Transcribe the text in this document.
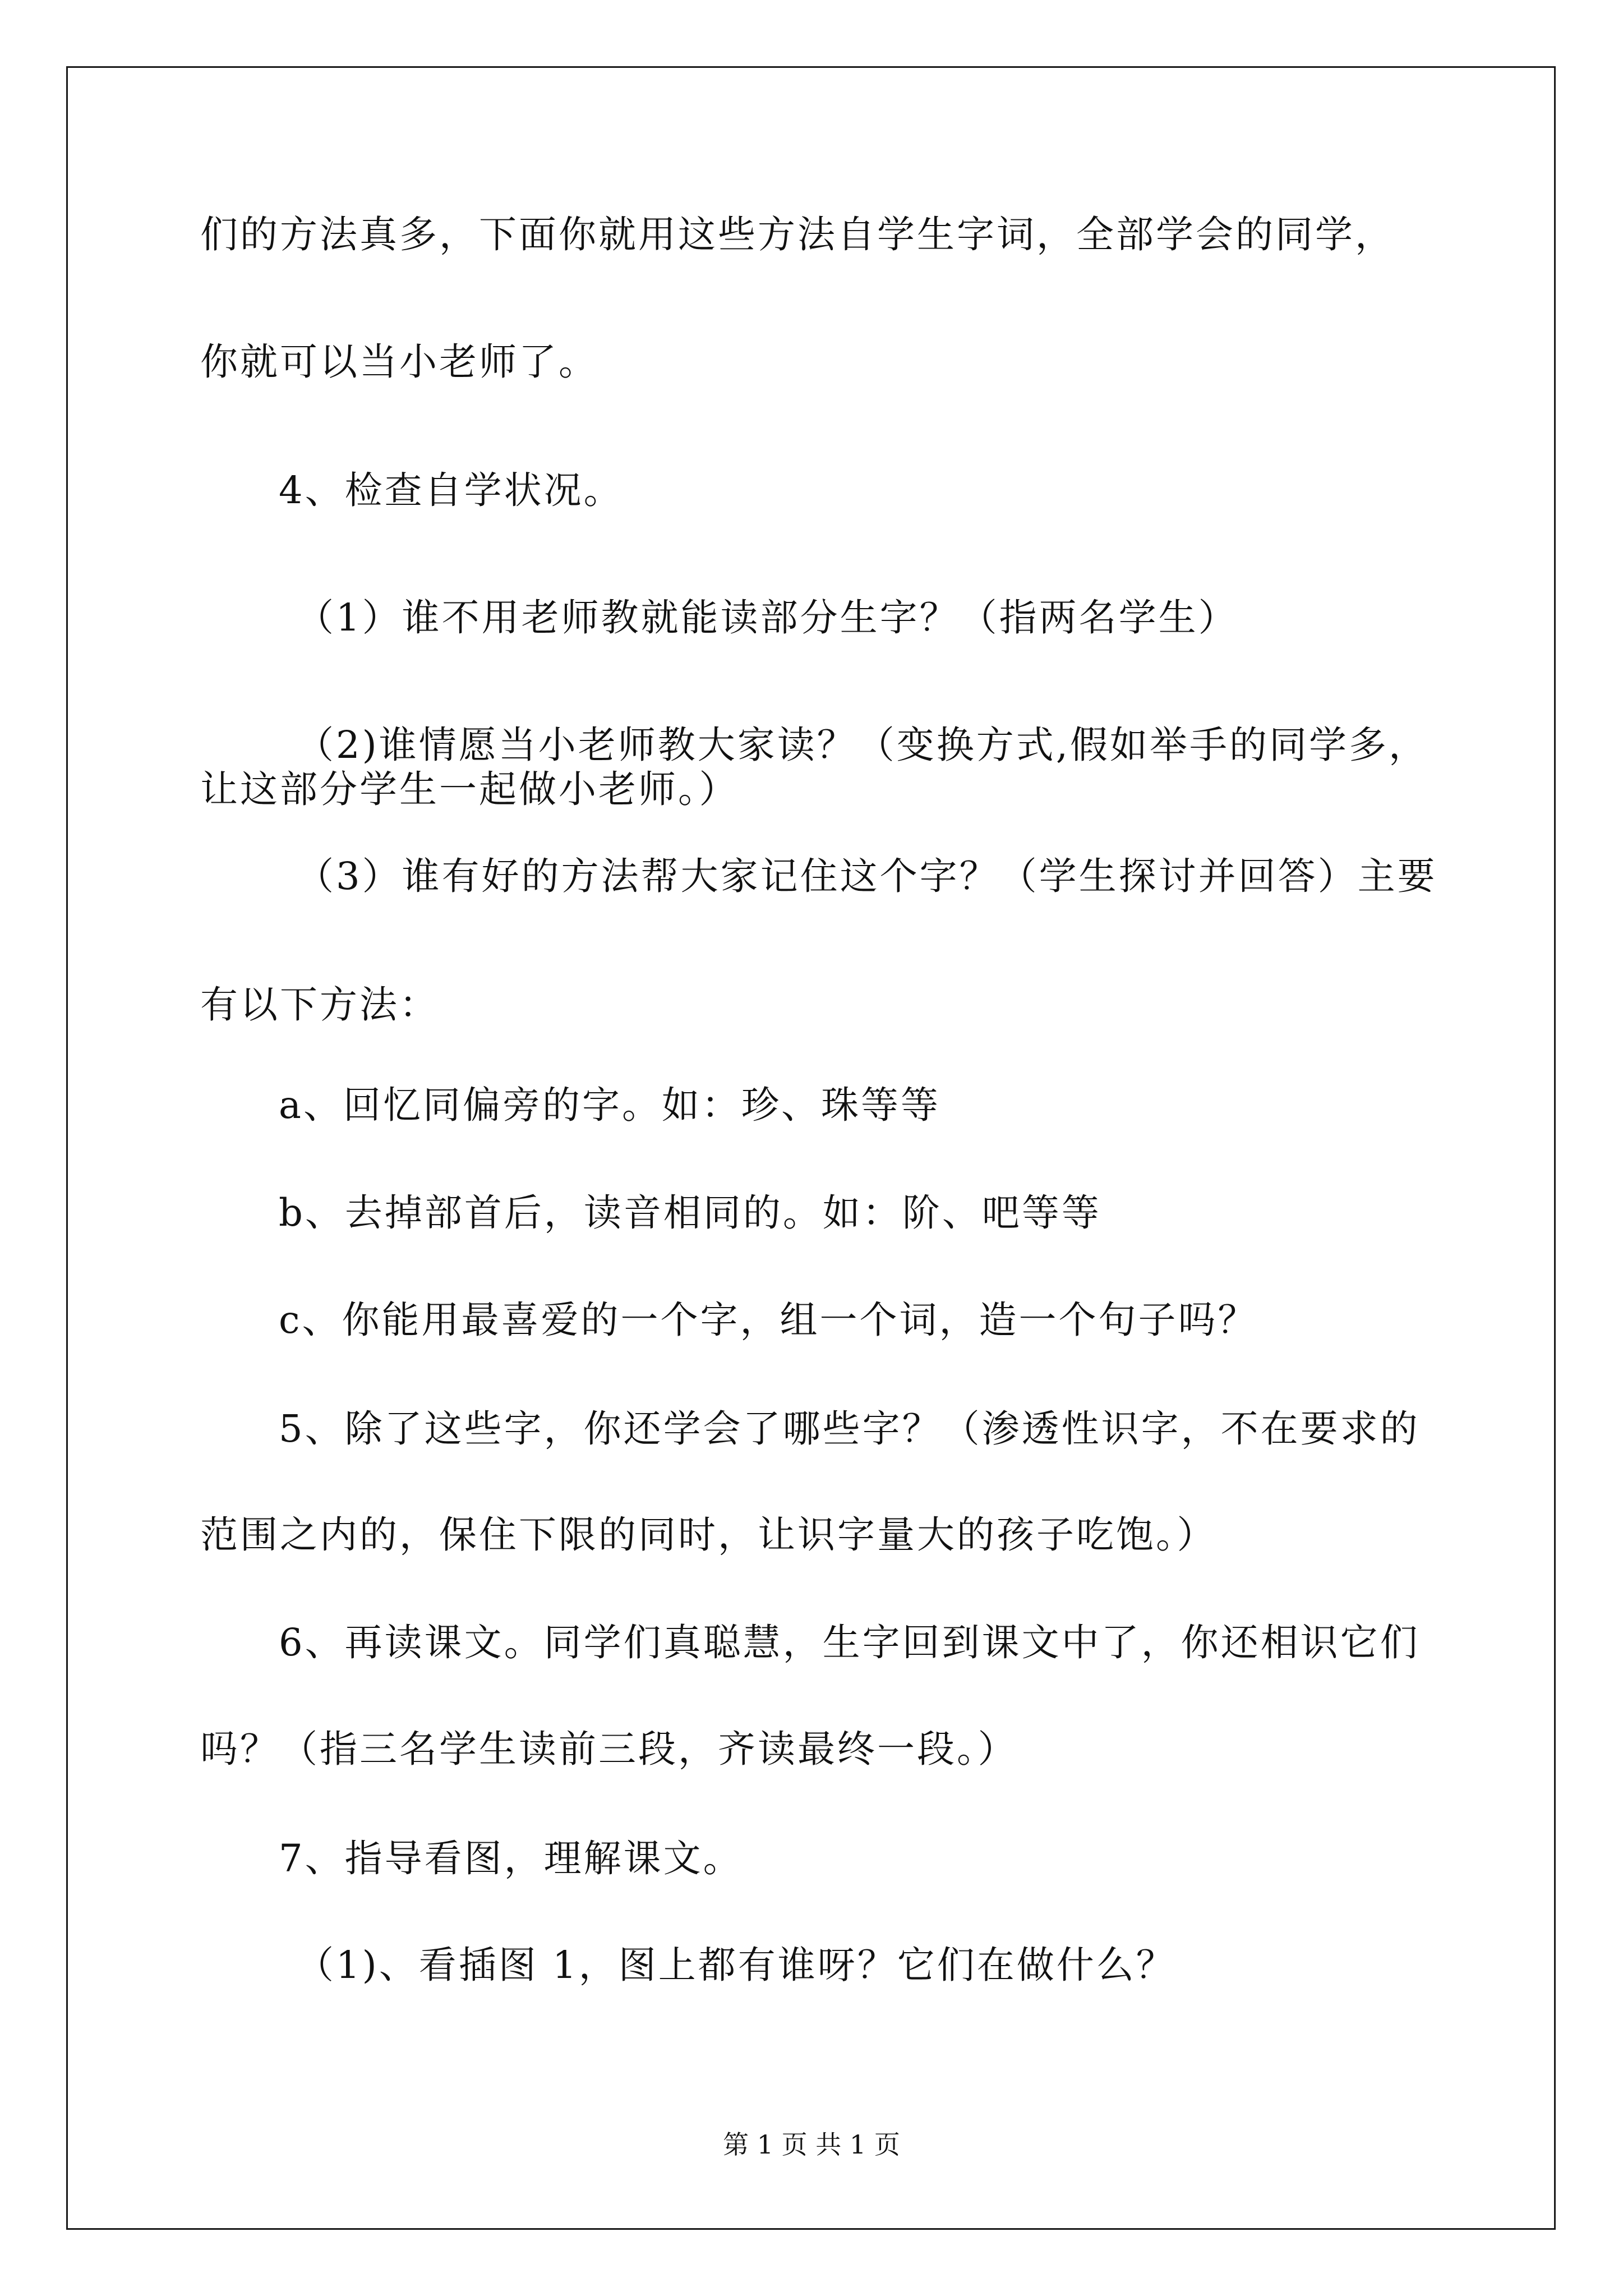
们的方法真多，下面你就用这些方法自学生字词，全部学会的同学，
你就可以当小老师了。
4、检查自学状况。
（1）谁不用老师教就能读部分生字？（指两名学生）
（2)谁情愿当小老师教大家读？（变换方式,假如举手的同学多，
让这部分学生一起做小老师。）
（3）谁有好的方法帮大家记住这个字？（学生探讨并回答）主要
有以下方法：
a、回忆同偏旁的字。如：珍、珠等等
b、去掉部首后，读音相同的。如：阶、吧等等
c、你能用最喜爱的一个字，组一个词，造一个句子吗？
5、除了这些字，你还学会了哪些字？（渗透性识字，不在要求的
范围之内的，保住下限的同时，让识字量大的孩子吃饱。）
6、再读课文。同学们真聪慧，生字回到课文中了，你还相识它们
吗？（指三名学生读前三段，齐读最终一段。）
7、指导看图，理解课文。
（1)、看插图 1，图上都有谁呀？它们在做什么？
第 1 页 共 1 页
